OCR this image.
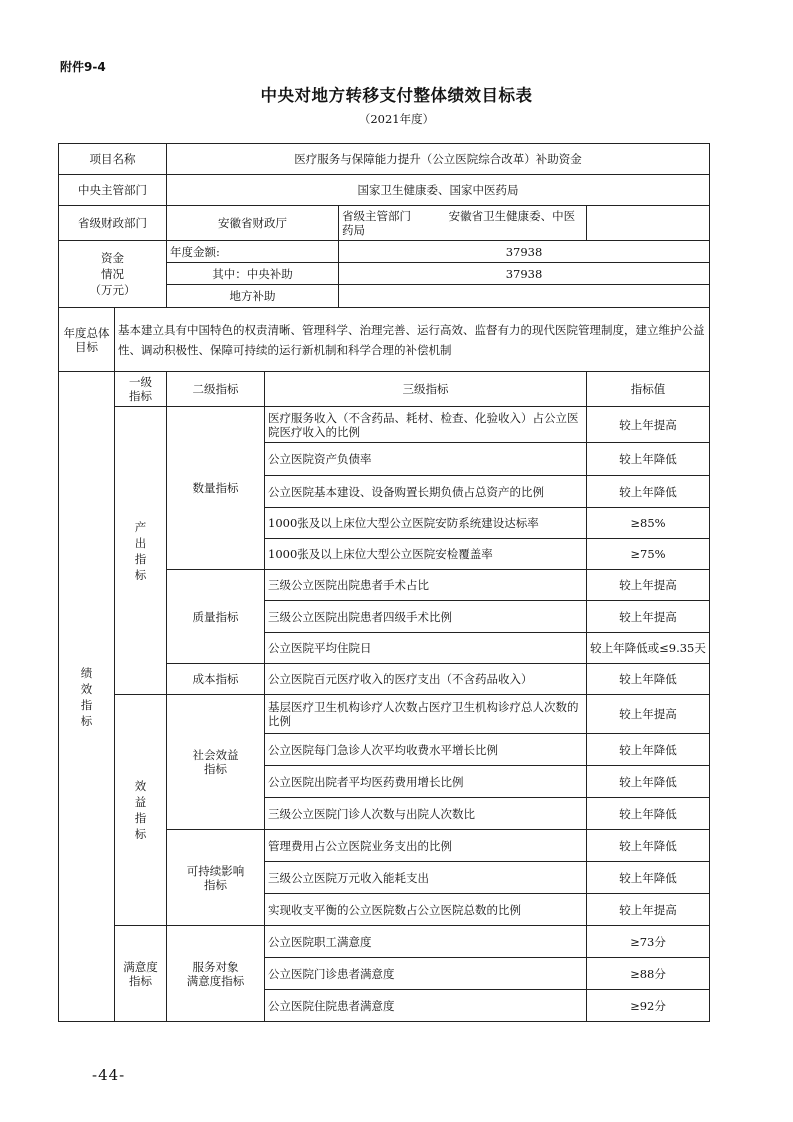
附件9-4
中央对地方转移支付整体绩效目标表
（2021年度）
项目名称		医疗服务与保障能力提升（公立医院综合改革）补助资金			
中央主管部门		国家卫生健康委、国家中医药局			
省级财政部门		安徽省财政厅		省级主管部门 安徽省卫生健康委、中医药局	
资金
情况
（万元）		年度金额:		37938	
		其中：中央补助		37938	
		地方补助			
年度总体
目标	基本建立具有中国特色的权责清晰、管理科学、治理完善、运行高效、监督有力的现代医院管理制度，建立维护公益性、调动积极性、保障可持续的运行新机制和科学合理的补偿机制				
绩
效
指
标	一级
指标	二级指标	三级指标		指标值
	产
出
指
标	数量指标	医疗服务收入（不含药品、耗材、检查、化验收入）占公立医院医疗收入的比例		较上年提高
			公立医院资产负债率		较上年降低
			公立医院基本建设、设备购置长期负债占总资产的比例		较上年降低
			1000张及以上床位大型公立医院安防系统建设达标率		≥85%
			1000张及以上床位大型公立医院安检覆盖率		≥75%
		质量指标	三级公立医院出院患者手术占比		较上年提高
			三级公立医院出院患者四级手术比例		较上年提高
			公立医院平均住院日		较上年降低或≤9.35天
		成本指标	公立医院百元医疗收入的医疗支出（不含药品收入）		较上年降低
	效
益
指
标	社会效益
指标	基层医疗卫生机构诊疗人次数占医疗卫生机构诊疗总人次数的比例		较上年提高
			公立医院每门急诊人次平均收费水平增长比例		较上年降低
			公立医院出院者平均医药费用增长比例		较上年降低
			三级公立医院门诊人次数与出院人次数比		较上年降低
		可持续影响
指标	管理费用占公立医院业务支出的比例		较上年降低
			三级公立医院万元收入能耗支出		较上年降低
			实现收支平衡的公立医院数占公立医院总数的比例		较上年提高
	满意度
指标	服务对象
满意度指标	公立医院职工满意度		≥73分
			公立医院门诊患者满意度		≥88分
			公立医院住院患者满意度		≥92分
-44-
